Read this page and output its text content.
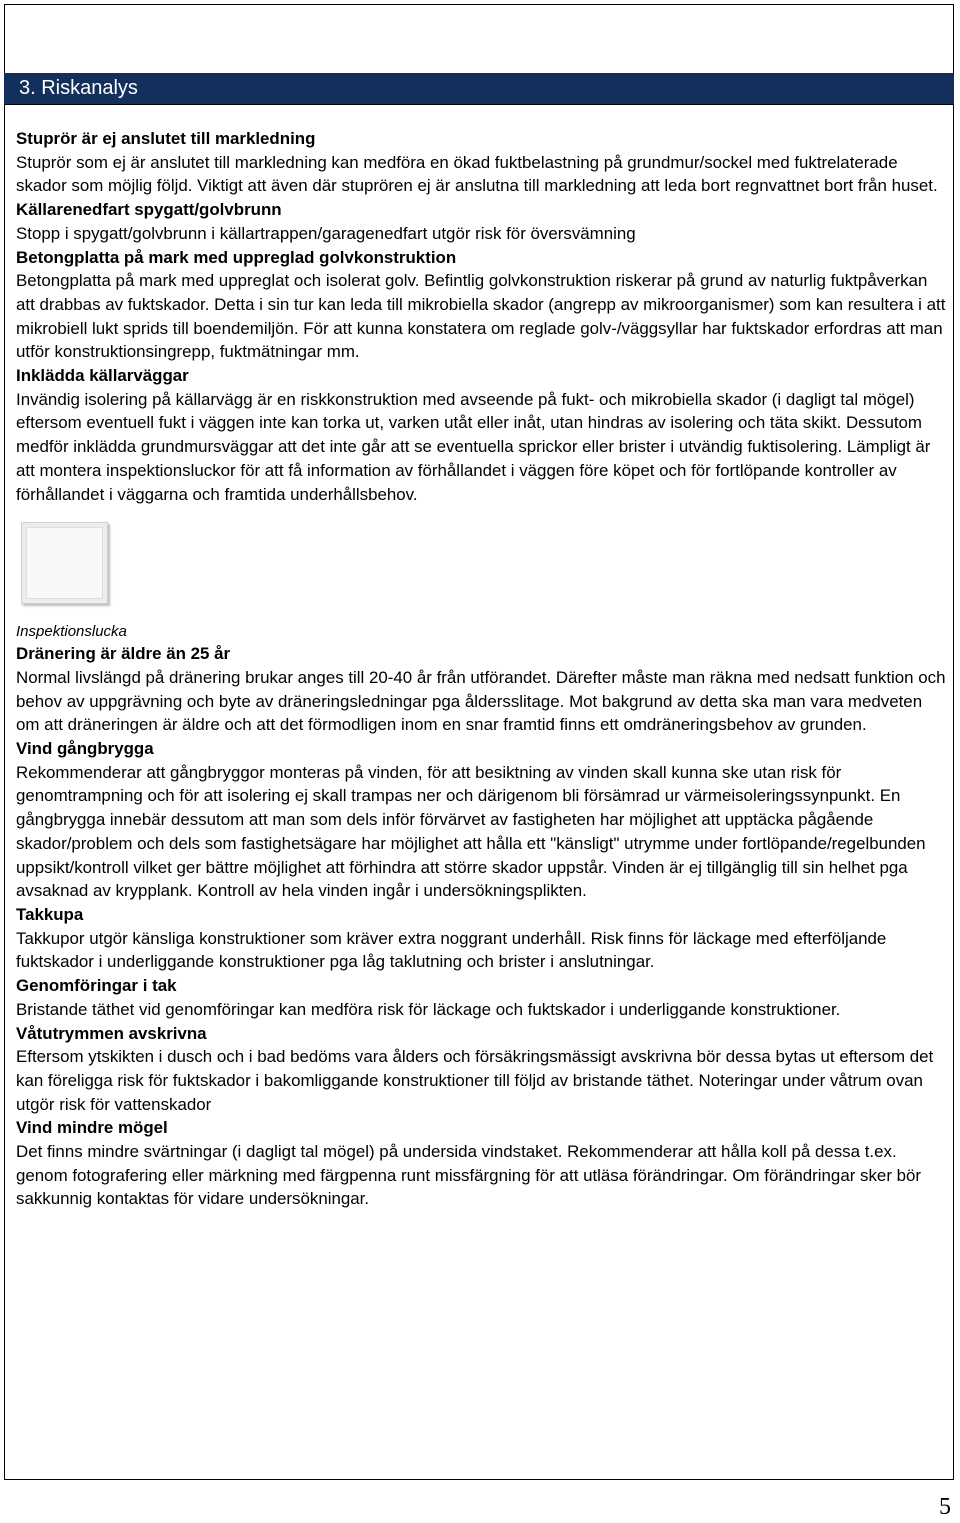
3. Riskanalys

Stuprör är ej anslutet till markledning

Stuprör som ej är anslutet till markledning kan medföra en ökad fuktbelastning på grundmur/sockel med fuktrelaterade skador som möjlig följd. Viktigt att även där stuprören ej är anslutna till markledning att leda bort regnvattnet bort från huset.

Källarenedfart spygatt/golvbrunn

Stopp i spygatt/golvbrunn i källartrappen/garagenedfart utgör risk för översvämning

Betongplatta på mark med uppreglad golvkonstruktion

Betongplatta på mark med uppreglat och isolerat golv. Befintlig golvkonstruktion riskerar på grund av naturlig fuktpåverkan att drabbas av fuktskador. Detta i sin tur kan leda till mikrobiella skador (angrepp av mikroorganismer) som kan resultera i att mikrobiell lukt sprids till boendemiljön. För att kunna konstatera om reglade golv-/väggsyllar har fuktskador erfordras att man utför konstruktionsingrepp, fuktmätningar mm.

Inklädda källarväggar

Invändig isolering på källarvägg är en riskkonstruktion med avseende på fukt- och mikrobiella skador (i dagligt tal mögel) eftersom eventuell fukt i väggen inte kan torka ut, varken utåt eller inåt, utan hindras av isolering och täta skikt. Dessutom medför inklädda grundmursväggar att det inte går att se eventuella sprickor eller brister i utvändig fuktisolering. Lämpligt är att montera inspektionsluckor för att få information av förhållandet i väggen före köpet och för fortlöpande kontroller av förhållandet i väggarna och framtida underhållsbehov.

Inspektionslucka

Dränering är äldre än 25 år

Normal livslängd på dränering brukar anges till 20-40 år från utförandet. Därefter måste man räkna med nedsatt funktion och behov av uppgrävning och byte av dräneringsledningar pga åldersslitage. Mot bakgrund av detta ska man vara medveten om att dräneringen är äldre och att det förmodligen inom en snar framtid finns ett omdräneringsbehov av grunden.

Vind gångbrygga

Rekommenderar att gångbryggor monteras på vinden, för att besiktning av vinden skall kunna ske utan risk för genomtrampning och för att isolering ej skall trampas ner och därigenom bli försämrad ur värmeisoleringssynpunkt. En gångbrygga innebär dessutom att man som dels inför förvärvet av fastigheten har möjlighet att upptäcka pågående skador/problem och dels som fastighetsägare har möjlighet att hålla ett "känsligt" utrymme under fortlöpande/regelbunden uppsikt/kontroll vilket ger bättre möjlighet att förhindra att större skador uppstår. Vinden är ej tillgänglig till sin helhet pga avsaknad av krypplank. Kontroll av hela vinden ingår i undersökningsplikten.

Takkupa

Takkupor utgör känsliga konstruktioner som kräver extra noggrant underhåll. Risk finns för läckage med efterföljande fuktskador i underliggande konstruktioner pga låg taklutning och brister i anslutningar.

Genomföringar i tak

Bristande täthet vid genomföringar kan medföra risk för läckage och fuktskador i underliggande konstruktioner.

Våtutrymmen avskrivna

Eftersom ytskikten i dusch och i bad bedöms vara ålders och försäkringsmässigt avskrivna bör dessa bytas ut eftersom det kan föreligga risk för fuktskador i bakomliggande konstruktioner till följd av bristande täthet. Noteringar under våtrum ovan utgör risk för vattenskador

Vind mindre mögel

Det finns mindre svärtningar (i dagligt tal mögel) på undersida vindstaket. Rekommenderar att hålla koll på dessa t.ex. genom fotografering eller märkning med färgpenna runt missfärgning för att utläsa förändringar. Om förändringar sker bör sakkunnig kontaktas för vidare undersökningar.

5
